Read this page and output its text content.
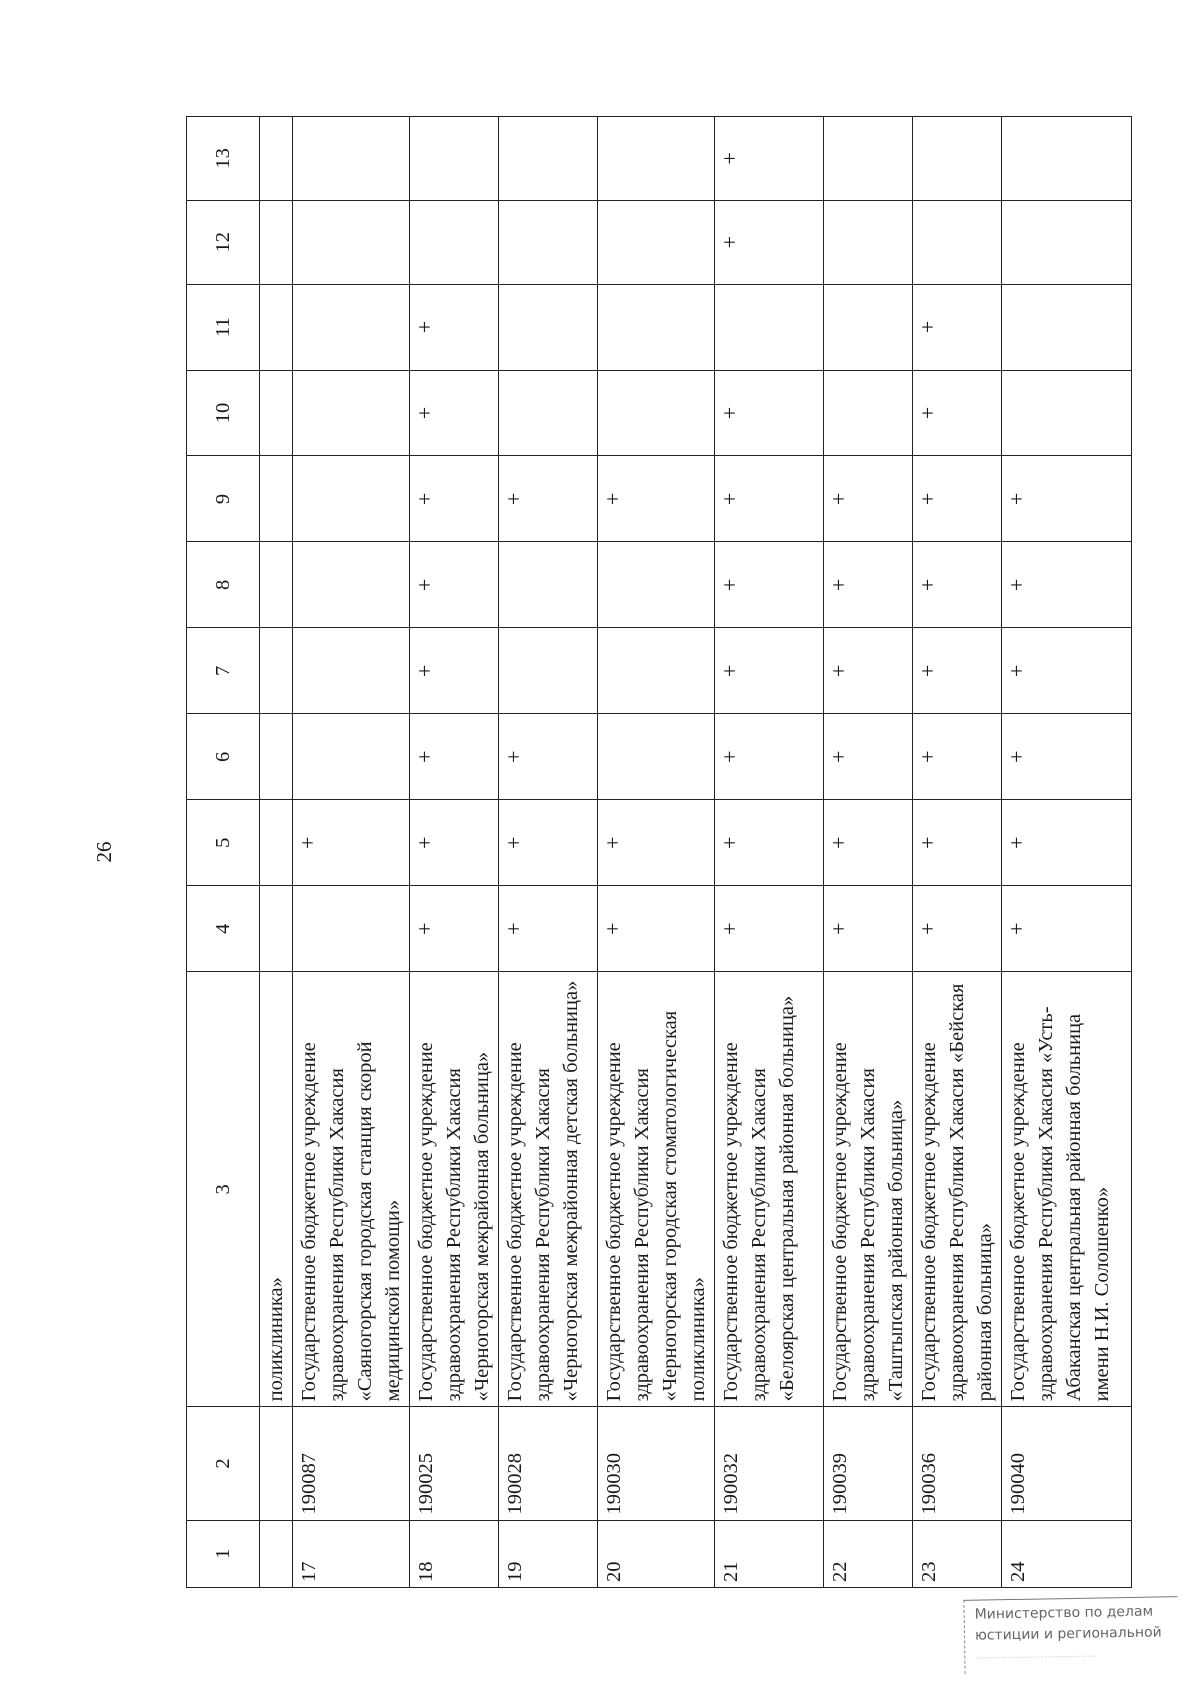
26
1	2	3	4	5	6	7	8	9	10	11	12	13
		поликлиника»										
17	190087	Государственное бюджетное учреждение здравоохранения Республики Хакасия «Саяногорская городская станция скорой медицинской помощи»		+								
18	190025	Государственное бюджетное учреждение здравоохранения Республики Хакасия «Черногорская межрайонная больница»	+	+	+	+	+	+	+	+		
19	190028	Государственное бюджетное учреждение здравоохранения Республики Хакасия «Черногорская межрайонная детская больница»	+	+	+			+				
20	190030	Государственное бюджетное учреждение здравоохранения Республики Хакасия «Черногорская городская стоматологическая поликлиника»	+	+				+				
21	190032	Государственное бюджетное учреждение здравоохранения Республики Хакасия «Белоярская центральная районная больница»	+	+	+	+	+	+	+		+	+
22	190039	Государственное бюджетное учреждение здравоохранения Республики Хакасия «Таштыпская районная больница»	+	+	+	+	+	+				
23	190036	Государственное бюджетное учреждение здравоохранения Республики Хакасия «Бейская районная больница»	+	+	+	+	+	+	+	+		
24	190040	Государственное бюджетное учреждение здравоохранения Республики Хакасия «Усть-Абаканская центральная районная больница имени Н.И. Солошенко»	+	+	+	+	+	+				
Министерство по делам
юстиции и региональной
..........................................
